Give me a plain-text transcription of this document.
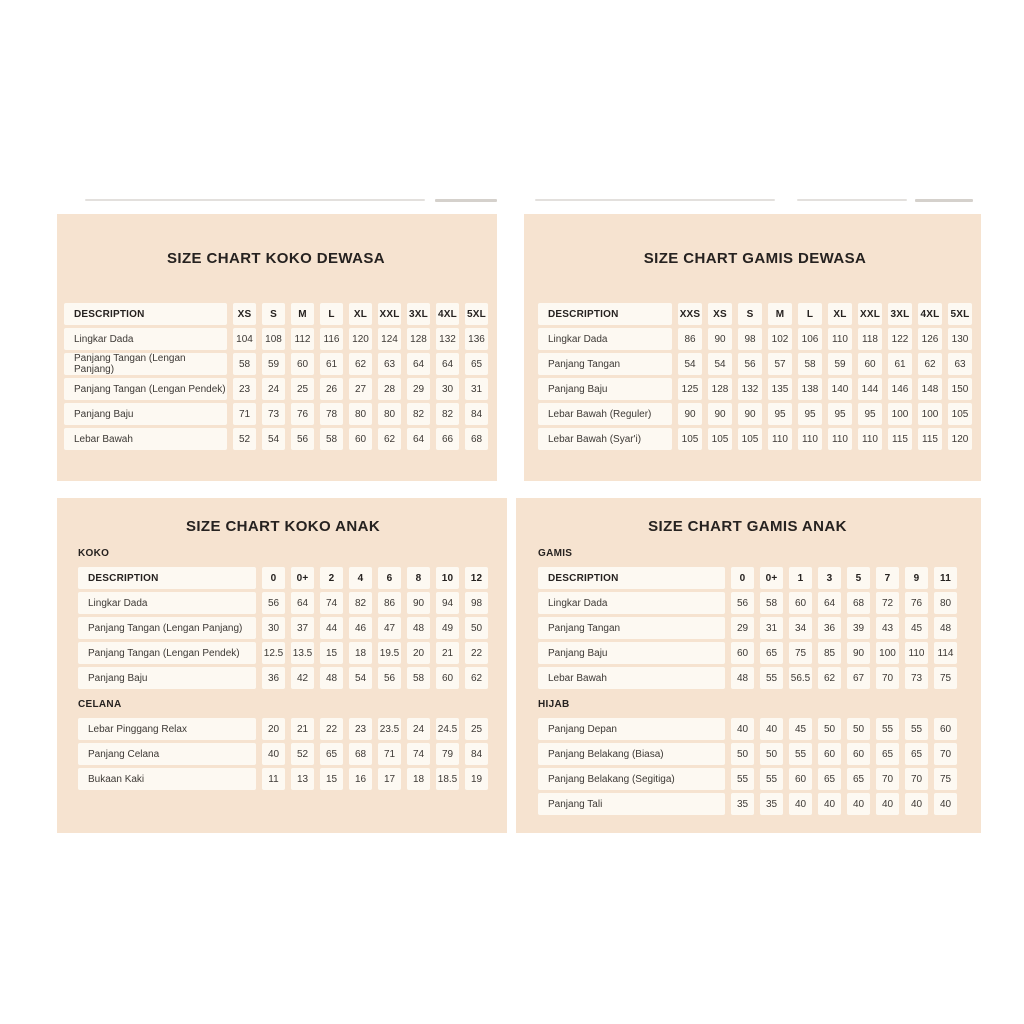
SIZE CHART KOKO DEWASA
DESCRIPTION	XS	S	M	L	XL	XXL 3XL 4XL 5XL
Lingkar Dada	104	108	112	116	120	124	128	132	136
Panjang Tangan (Lengan Panjang)	58	59	60	61	62	63	64	64	65
Panjang Tangan (Lengan Pendek)	23	24	25	26	27	28	29	30	31
Panjang Baju	71	73	76	78	80	80	82	82	84
Lebar Bawah	52	54	56	58	60	62	64	66	68
SIZE CHART GAMIS DEWASA
DESCRIPTION	XXS	XS	S	M	L	XL	XXL 3XL 4XL 5XL
Lingkar Dada	86	90	98	102	106	110	118	122	126	130
Panjang Tangan	54	54	56	57	58	59	60	61	62	63
Panjang Baju	125	128	132	135	138	140	144	146	148	150
Lebar Bawah (Reguler)	90	90	90	95	95	95	95	100	100	105
Lebar Bawah (Syar'i)	105	105	105	110	110	110	110	115	115	120
SIZE CHART KOKO ANAK
KOKO
DESCRIPTION	0	0+	2	4	6	8	10	12
Lingkar Dada	56	64	74	82	86	90	94	98
Panjang Tangan (Lengan Panjang)	30	37	44	46	47	48	49	50
Panjang Tangan (Lengan Pendek)	12.5 13.5	15	18	19.5	20	21	22
Panjang Baju	36	42	48	54	56	58	60	62
CELANA
Lebar Pinggang Relax	20	21	22	23	23.5	24	24.5	25
Panjang Celana	40	52	65	68	71	74	79	84
Bukaan Kaki	11	13	15	16	17	18	18.5	19
SIZE CHART GAMIS ANAK
GAMIS
DESCRIPTION	0	0+	1	3	5	7	9	11
Lingkar Dada	56	58	60	64	68	72	76	80
Panjang Tangan	29	31	34	36	39	43	45	48
Panjang Baju	60	65	75	85	90	100	110	114
Lebar Bawah	48	55	56.5	62	67	70	73	75
HIJAB
Panjang Depan	40	40	45	50	50	55	55	60
Panjang Belakang (Biasa)	50	50	55	60	60	65	65	70
Panjang Belakang (Segitiga)	55	55	60	65	65	70	70	75
Panjang Tali	35	35	40	40	40	40	40	40
